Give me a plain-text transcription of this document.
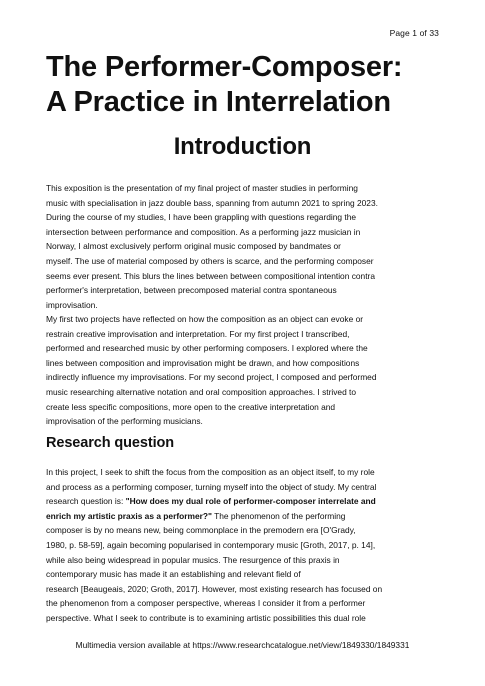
Page 1 of 33
The Performer-Composer:
A Practice in Interrelation
Introduction

This exposition is the presentation of my final project of master studies in performing
music with specialisation in jazz double bass, spanning from autumn 2021 to spring 2023.
During the course of my studies, I have been grappling with questions regarding the
intersection between performance and composition. As a performing jazz musician in
Norway, I almost exclusively perform original music composed by bandmates or
myself. The use of material composed by others is scarce, and the performing composer
seems ever present. This blurs the lines between between compositional intention contra
performer's interpretation, between precomposed material contra spontaneous
improvisation.

My first two projects have reflected on how the composition as an object can evoke or
restrain creative improvisation and interpretation. For my first project I transcribed,
performed and researched music by other performing composers. I explored where the
lines between composition and improvisation might be drawn, and how compositions
indirectly influence my improvisations. For my second project, I composed and performed
music researching alternative notation and oral composition approaches. I strived to
create less specific compositions, more open to the creative interpretation and
improvisation of the performing musicians.

Research question

In this project, I seek to shift the focus from the composition as an object itself, to my role
and process as a performing composer, turning myself into the object of study. My central
research question is: "How does my dual role of performer-composer interrelate and
enrich my artistic praxis as a performer?" The phenomenon of the performing
composer is by no means new, being commonplace in the premodern era [O'Grady,
1980, p. 58-59], again becoming popularised in contemporary music [Groth, 2017, p. 14],
while also being widespread in popular musics. The resurgence of this praxis in
contemporary music has made it an establishing and relevant field of
research [Beaugeais, 2020; Groth, 2017]. However, most existing research has focused on
the phenomenon from a composer perspective, whereas I consider it from a performer
perspective. What I seek to contribute is to examining artistic possibilities this dual role

Multimedia version available at https://www.researchcatalogue.net/view/1849330/1849331
